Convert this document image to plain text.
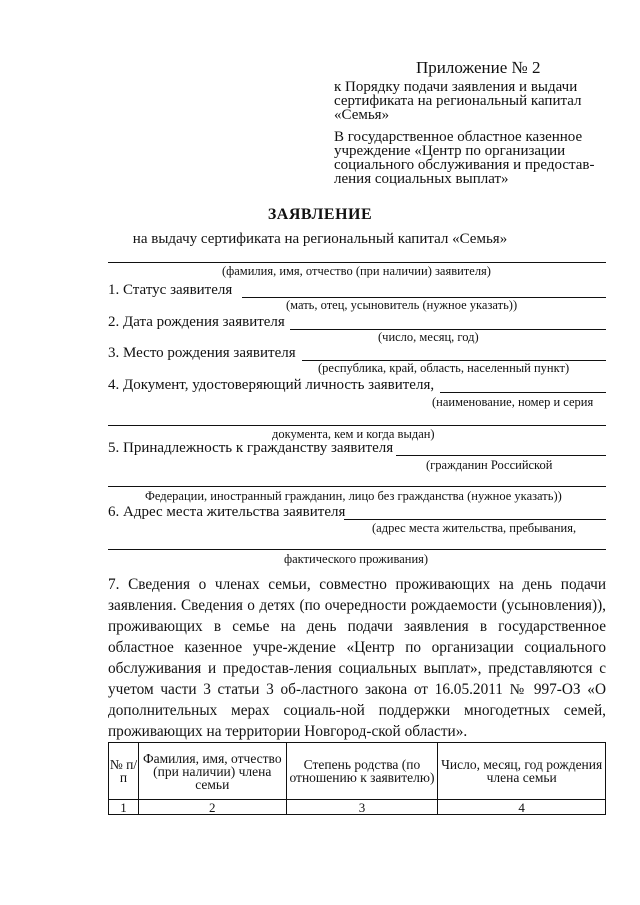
Приложение № 2
к Порядку подачи заявления и выдачи сертификата на региональный капитал «Семья»
В государственное областное казенное учреждение «Центр по организации социального обслуживания и предостав-ления социальных выплат»
ЗАЯВЛЕНИЕ
на выдачу сертификата на региональный капитал «Семья»
(фамилия, имя, отчество (при наличии) заявителя)
1. Статус заявителя
(мать, отец, усыновитель (нужное указать))
2. Дата рождения заявителя
(число, месяц, год)
3. Место рождения заявителя
(республика, край, область, населенный пункт)
4. Документ, удостоверяющий личность заявителя,
(наименование, номер и серия
документа, кем и когда выдан)
5. Принадлежность к гражданству заявителя
(гражданин Российской
Федерации, иностранный гражданин, лицо без гражданства (нужное указать))
6. Адрес места жительства заявителя
(адрес места жительства, пребывания,
фактического проживания)
7. Сведения о членах семьи, совместно проживающих на день подачи заявления. Сведения о детях (по очередности рождаемости (усыновления)), проживающих в семье на день подачи заявления в государственное областное казенное учре-ждение «Центр по организации социального обслуживания и предостав-ления социальных выплат», представляются с учетом части 3 статьи 3 об-ластного закона от 16.05.2011 № 997-ОЗ «О дополнительных мерах социаль-ной поддержки многодетных семей, проживающих на территории Новгород-ской области».
№ п/п	Фамилия, имя, отчество (при наличии) члена семьи	Степень родства (по отношению к заявителю)	Число, месяц, год рождения члена семьи
1	2	3	4
